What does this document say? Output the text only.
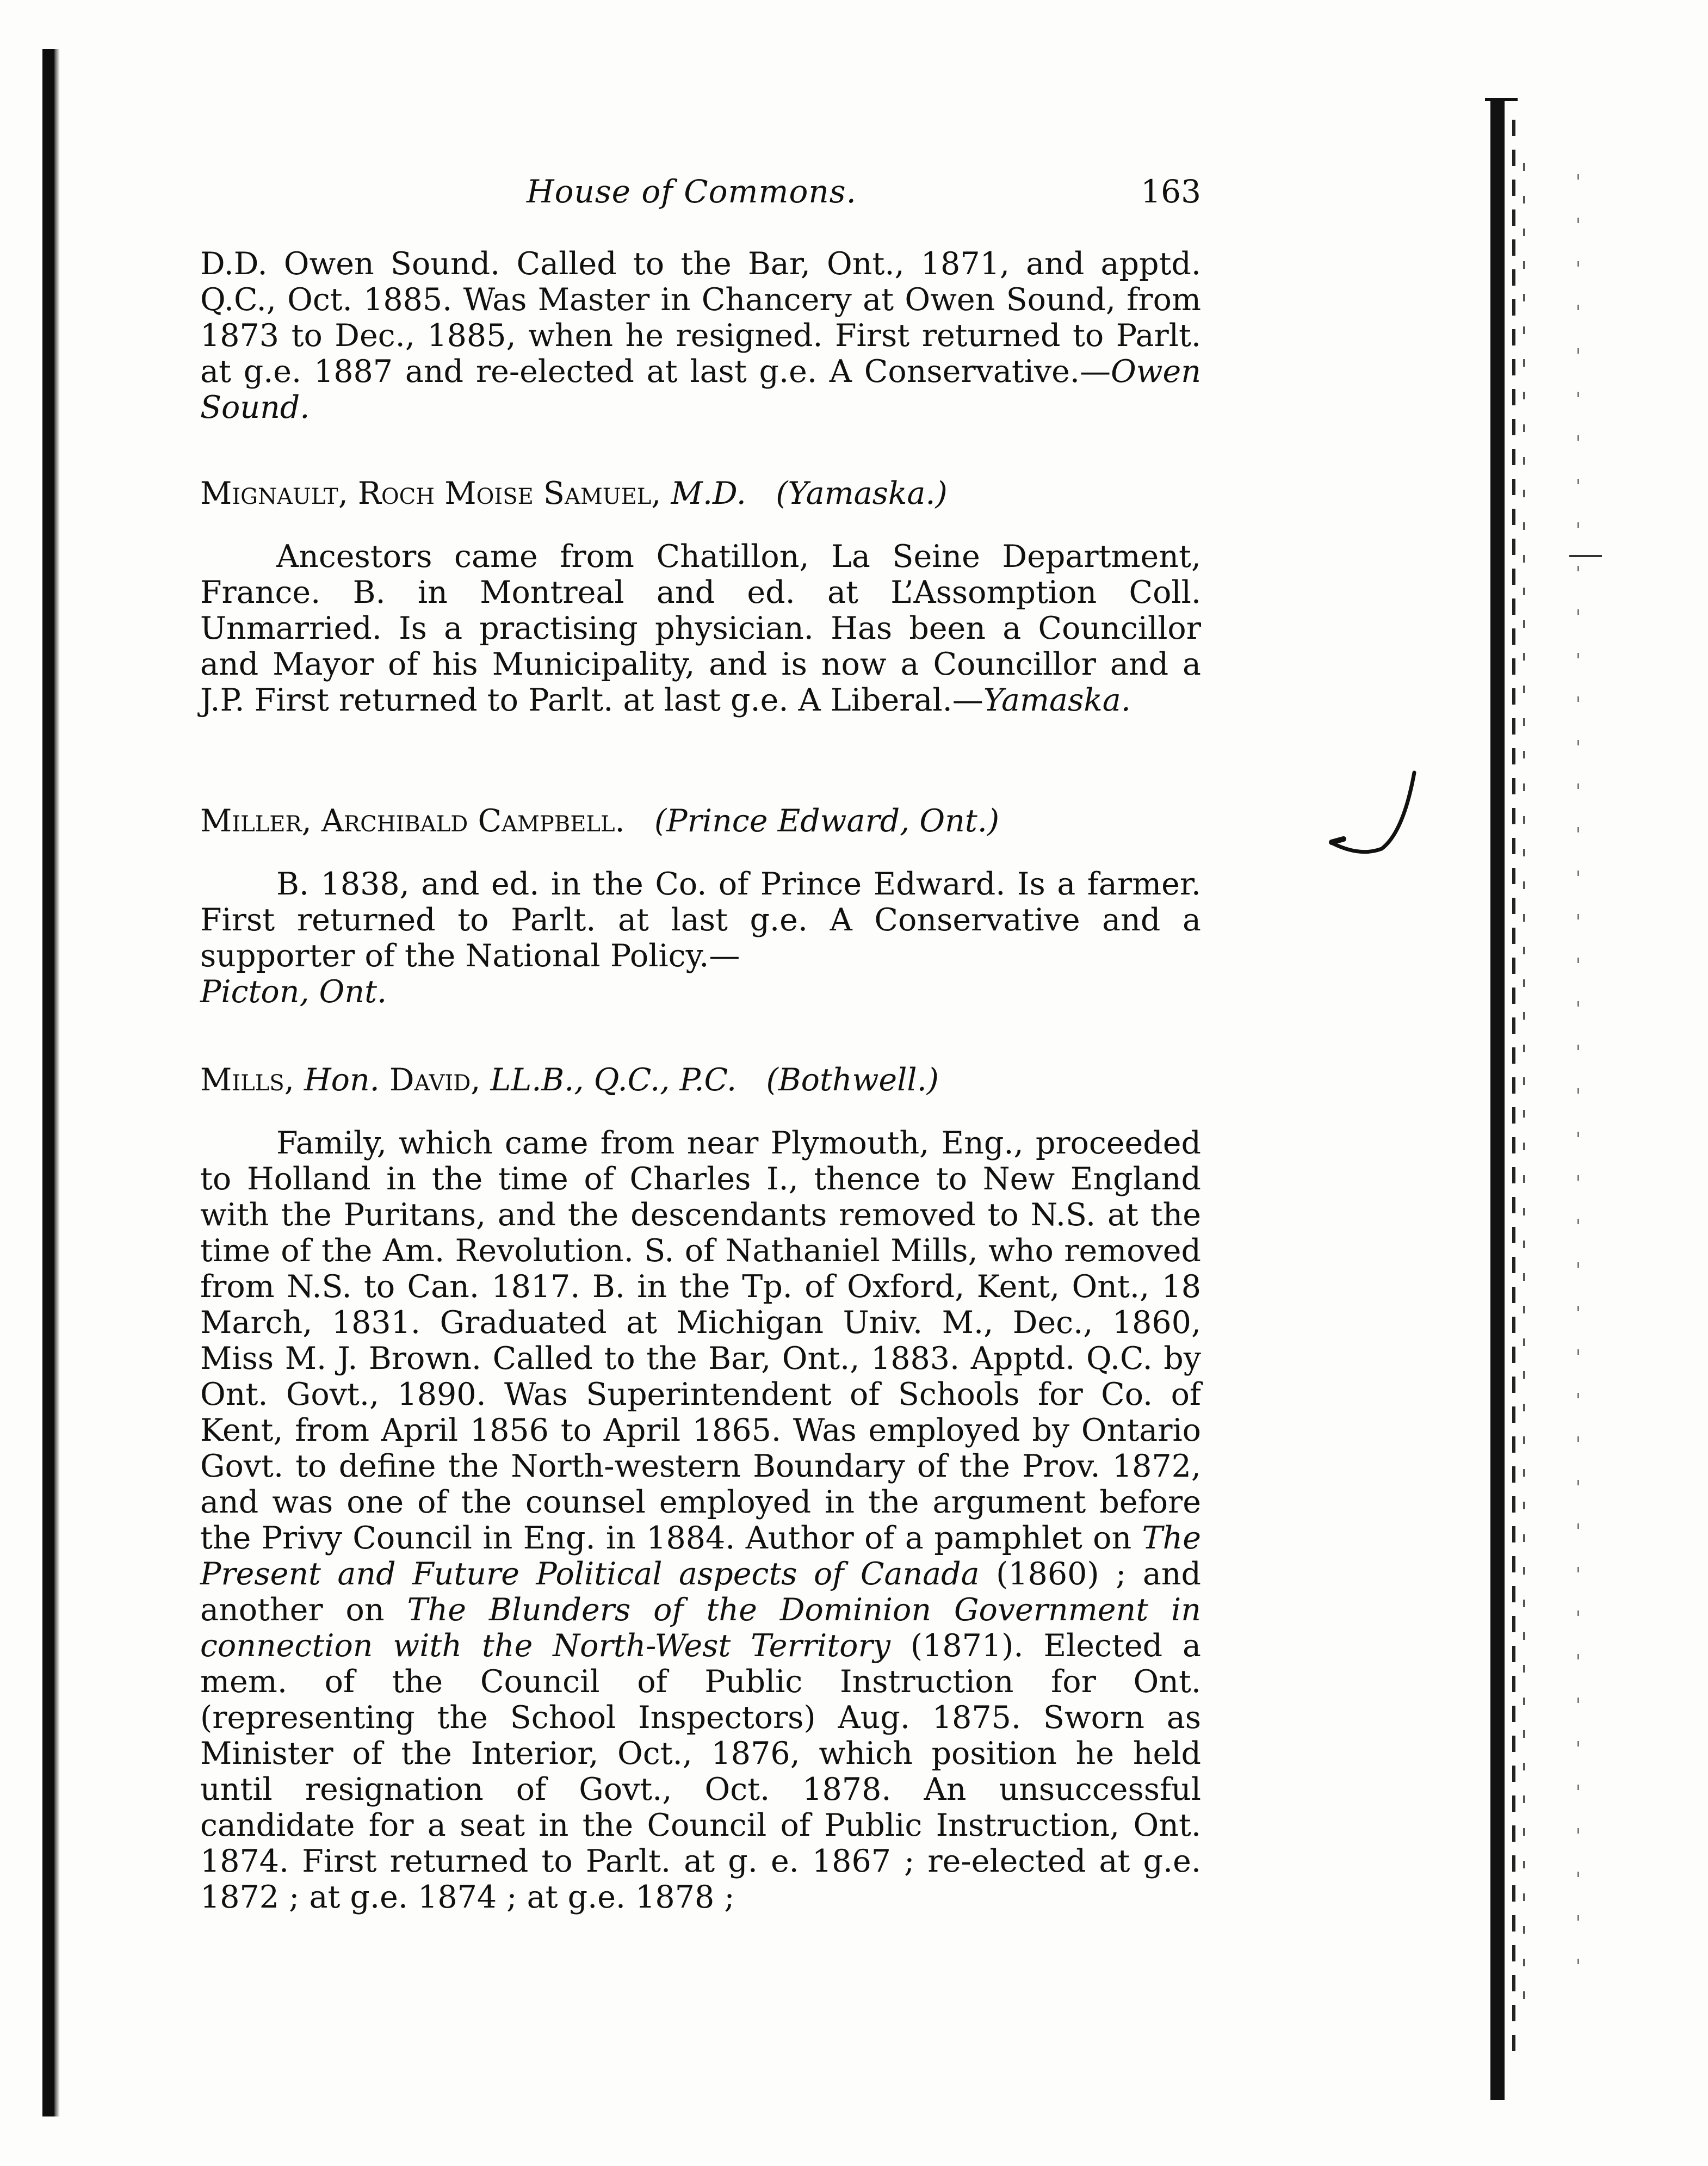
House of Commons.	163

D.D. Owen Sound. Called to the Bar, Ont., 1871, and apptd. Q.C., Oct. 1885. Was Master in Chancery at Owen Sound, from 1873 to Dec., 1885, when he resigned. First returned to Parlt. at g.e. 1887 and re-elected at last g.e. A Conservative.—Owen Sound.

Mignault, Roch Moise Samuel, M.D. (Yamaska.)

Ancestors came from Chatillon, La Seine Department, France. B. in Montreal and ed. at L’Assomption Coll. Unmarried. Is a practising physician. Has been a Councillor and Mayor of his Municipality, and is now a Councillor and a J.P. First returned to Parlt. at last g.e. A Liberal.—Yamaska.

Miller, Archibald Campbell. (Prince Edward, Ont.)

B. 1838, and ed. in the Co. of Prince Edward. Is a farmer. First returned to Parlt. at last g.e. A Conservative and a supporter of the National Policy.—
Picton, Ont.

Mills, Hon. David, LL.B., Q.C., P.C. (Bothwell.)

Family, which came from near Plymouth, Eng., proceeded to Holland in the time of Charles I., thence to New England with the Puritans, and the descendants removed to N.S. at the time of the Am. Revolution. S. of Nathaniel Mills, who removed from N.S. to Can. 1817. B. in the Tp. of Oxford, Kent, Ont., 18 March, 1831. Graduated at Michigan Univ. M., Dec., 1860, Miss M. J. Brown. Called to the Bar, Ont., 1883. Apptd. Q.C. by Ont. Govt., 1890. Was Superintendent of Schools for Co. of Kent, from April 1856 to April 1865. Was employed by Ontario Govt. to define the North-western Boundary of the Prov. 1872, and was one of the counsel employed in the argument before the Privy Council in Eng. in 1884. Author of a pamphlet on The Present and Future Political aspects of Canada (1860) ; and another on The Blunders of the Dominion Government in connection with the North-West Territory (1871). Elected a mem. of the Council of Public Instruction for Ont. (representing the School Inspectors) Aug. 1875. Sworn as Minister of the Interior, Oct., 1876, which position he held until resignation of Govt., Oct. 1878. An unsuccessful candidate for a seat in the Council of Public Instruction, Ont. 1874. First returned to Parlt. at g. e. 1867 ; re-elected at g.e. 1872 ; at g.e. 1874 ; at g.e. 1878 ;
